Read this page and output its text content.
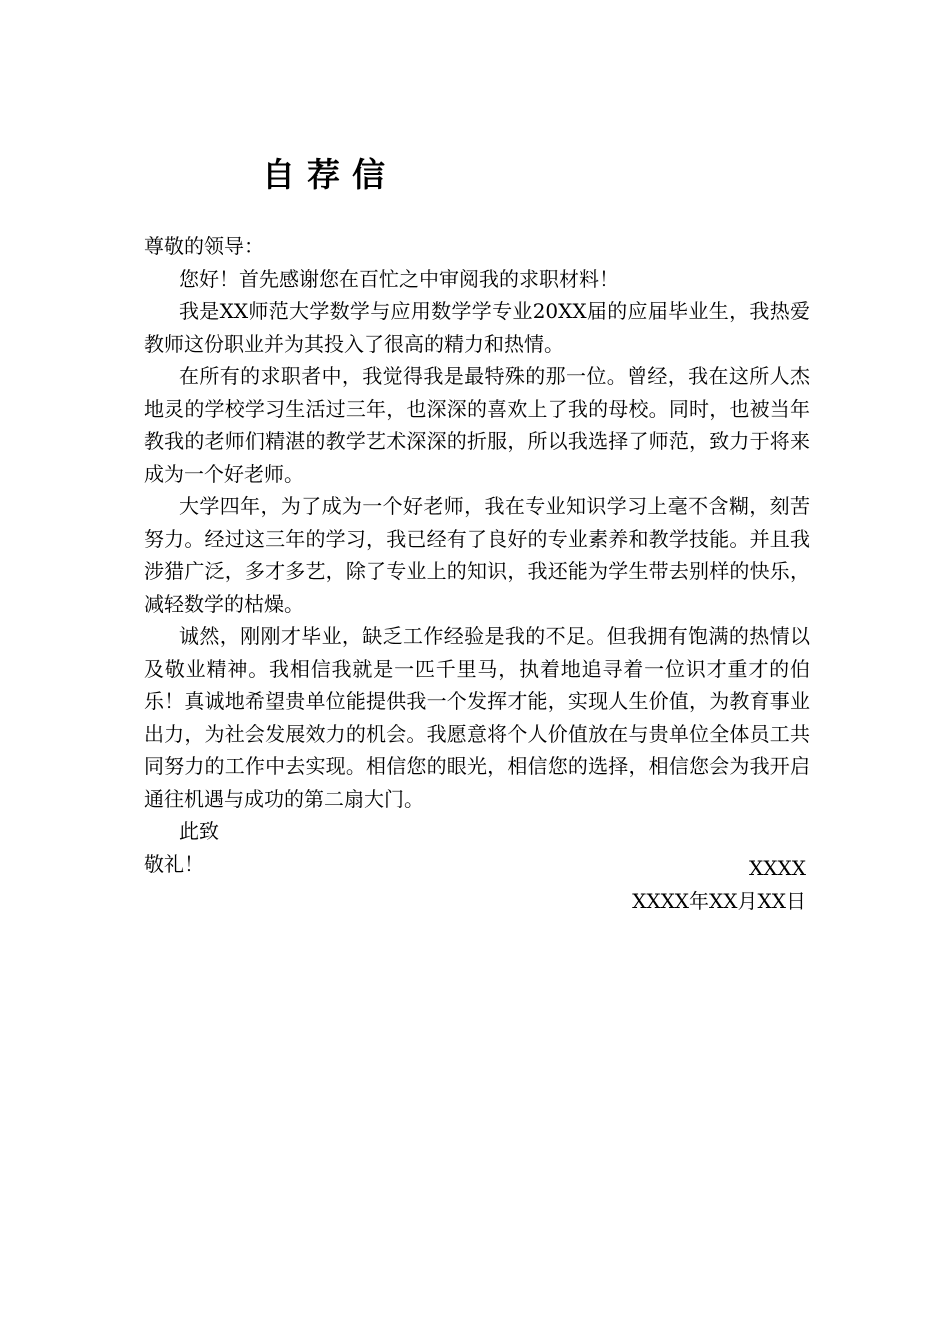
自荐信

尊敬的领导：

您好！首先感谢您在百忙之中审阅我的求职材料！

我是XX师范大学数学与应用数学学专业20XX届的应届毕业生，我热爱教师这份职业并为其投入了很高的精力和热情。

在所有的求职者中，我觉得我是最特殊的那一位。曾经，我在这所人杰地灵的学校学习生活过三年，也深深的喜欢上了我的母校。同时，也被当年教我的老师们精湛的教学艺术深深的折服，所以我选择了师范，致力于将来成为一个好老师。

大学四年，为了成为一个好老师，我在专业知识学习上毫不含糊，刻苦努力。经过这三年的学习，我已经有了良好的专业素养和教学技能。并且我涉猎广泛，多才多艺，除了专业上的知识，我还能为学生带去别样的快乐，减轻数学的枯燥。

诚然，刚刚才毕业，缺乏工作经验是我的不足。但我拥有饱满的热情以及敬业精神。我相信我就是一匹千里马，执着地追寻着一位识才重才的伯乐！真诚地希望贵单位能提供我一个发挥才能，实现人生价值，为教育事业出力，为社会发展效力的机会。我愿意将个人价值放在与贵单位全体员工共同努力的工作中去实现。相信您的眼光，相信您的选择，相信您会为我开启通往机遇与成功的第二扇大门。

此致

敬礼！	XXXX
XXXX年XX月XX日
